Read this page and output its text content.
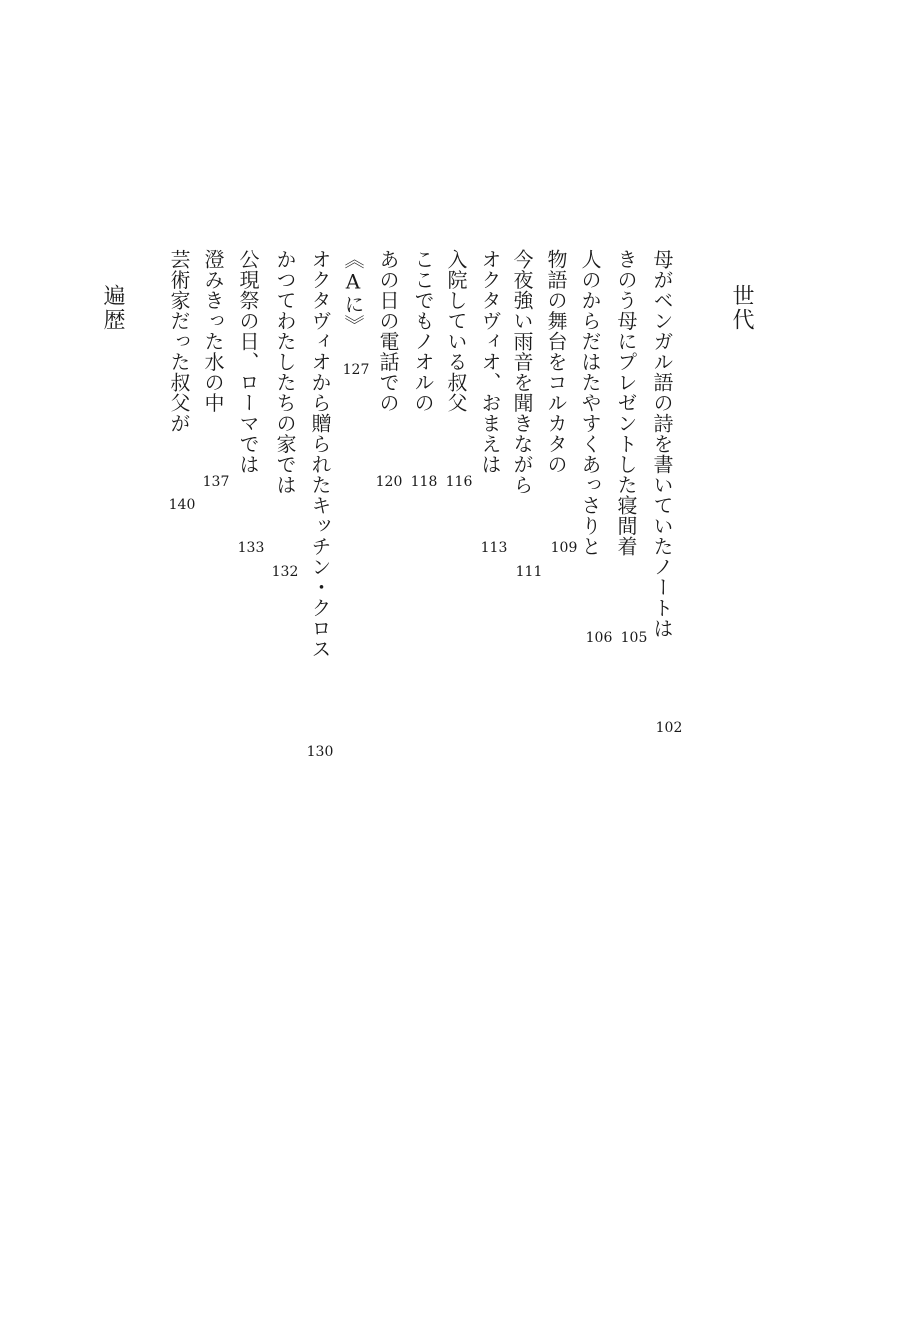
世代
母がベンガル語の詩を書いていたノートは
102
きのう母にプレゼントした寝間着
105
人のからだはたやすくあっさりと
106
物語の舞台をコルカタの
109
今夜強い雨音を聞きながら
111
オクタヴィオ、おまえは
113
入院している叔父
116
ここでもノオルの
118
あの日の電話での
120
《Aに》
127
オクタヴィオから贈られたキッチン・クロス
130
かつてわたしたちの家では
132
公現祭の日、ローマでは
133
澄みきった水の中
137
芸術家だった叔父が
140
遍歴
